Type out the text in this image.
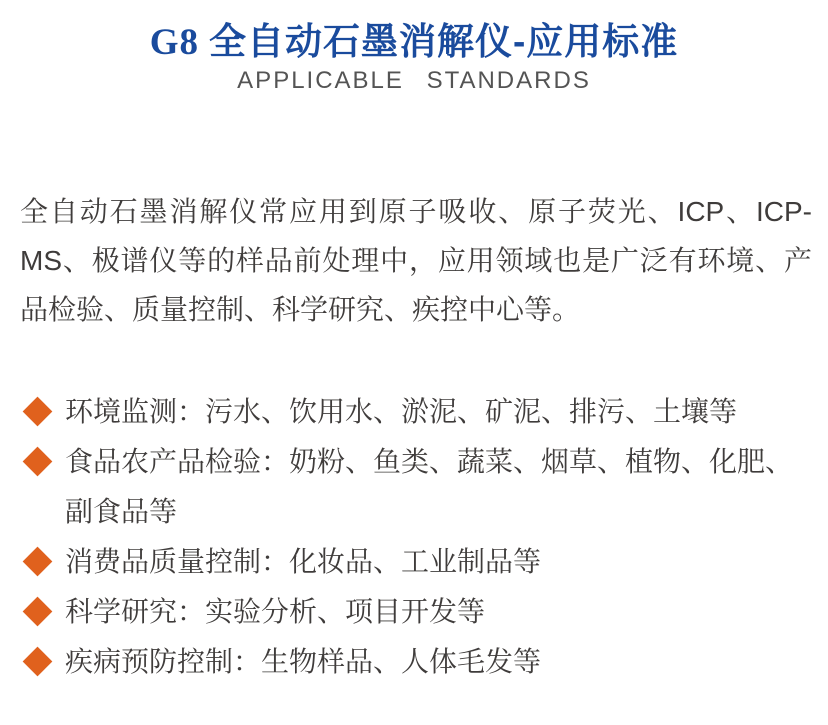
G8 全自动石墨消解仪-应用标准
APPLICABLE STANDARDS

全自动石墨消解仪常应用到原子吸收、原子荧光、ICP、ICP-MS、极谱仪等的样品前处理中，应用领域也是广泛有环境、产品检验、质量控制、科学研究、疾控中心等。

环境监测：污水、饮用水、淤泥、矿泥、排污、土壤等
食品农产品检验：奶粉、鱼类、蔬菜、烟草、植物、化肥、副食品等
消费品质量控制：化妆品、工业制品等
科学研究：实验分析、项目开发等
疾病预防控制：生物样品、人体毛发等
